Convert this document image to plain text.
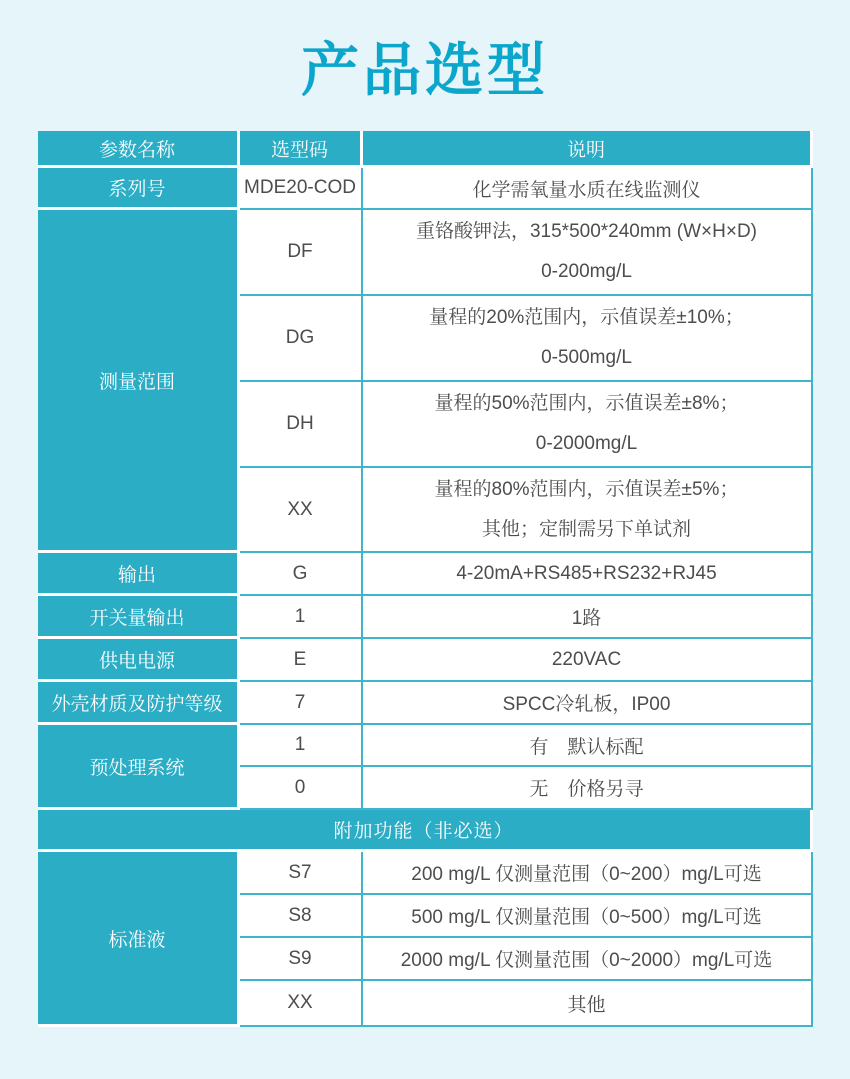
产品选型
参数名称	选型码	说明
系列号	MDE20-COD	化学需氧量水质在线监测仪
测量范围	DF	重铬酸钾法，315*500*240mm (W×H×D)
0-200mg/L

	DG	量程的20%范围内，示值误差±10%；
0-500mg/L

	DH	量程的50%范围内，示值误差±8%；
0-2000mg/L

	XX	量程的80%范围内，示值误差±5%；
其他；定制需另下单试剂

输出	G	4-20mA+RS485+RS232+RJ45
开关量输出	1	1路
供电电源	E	220VAC
外壳材质及防护等级	7	SPCC冷轧板，IP00
预处理系统	1	有　默认标配
	0	无　价格另寻
附加功能（非必选）		
标准液	S7	200 mg/L 仅测量范围（0~200）mg/L可选
	S8	500 mg/L 仅测量范围（0~500）mg/L可选
	S9	2000 mg/L 仅测量范围（0~2000）mg/L可选
	XX	其他
